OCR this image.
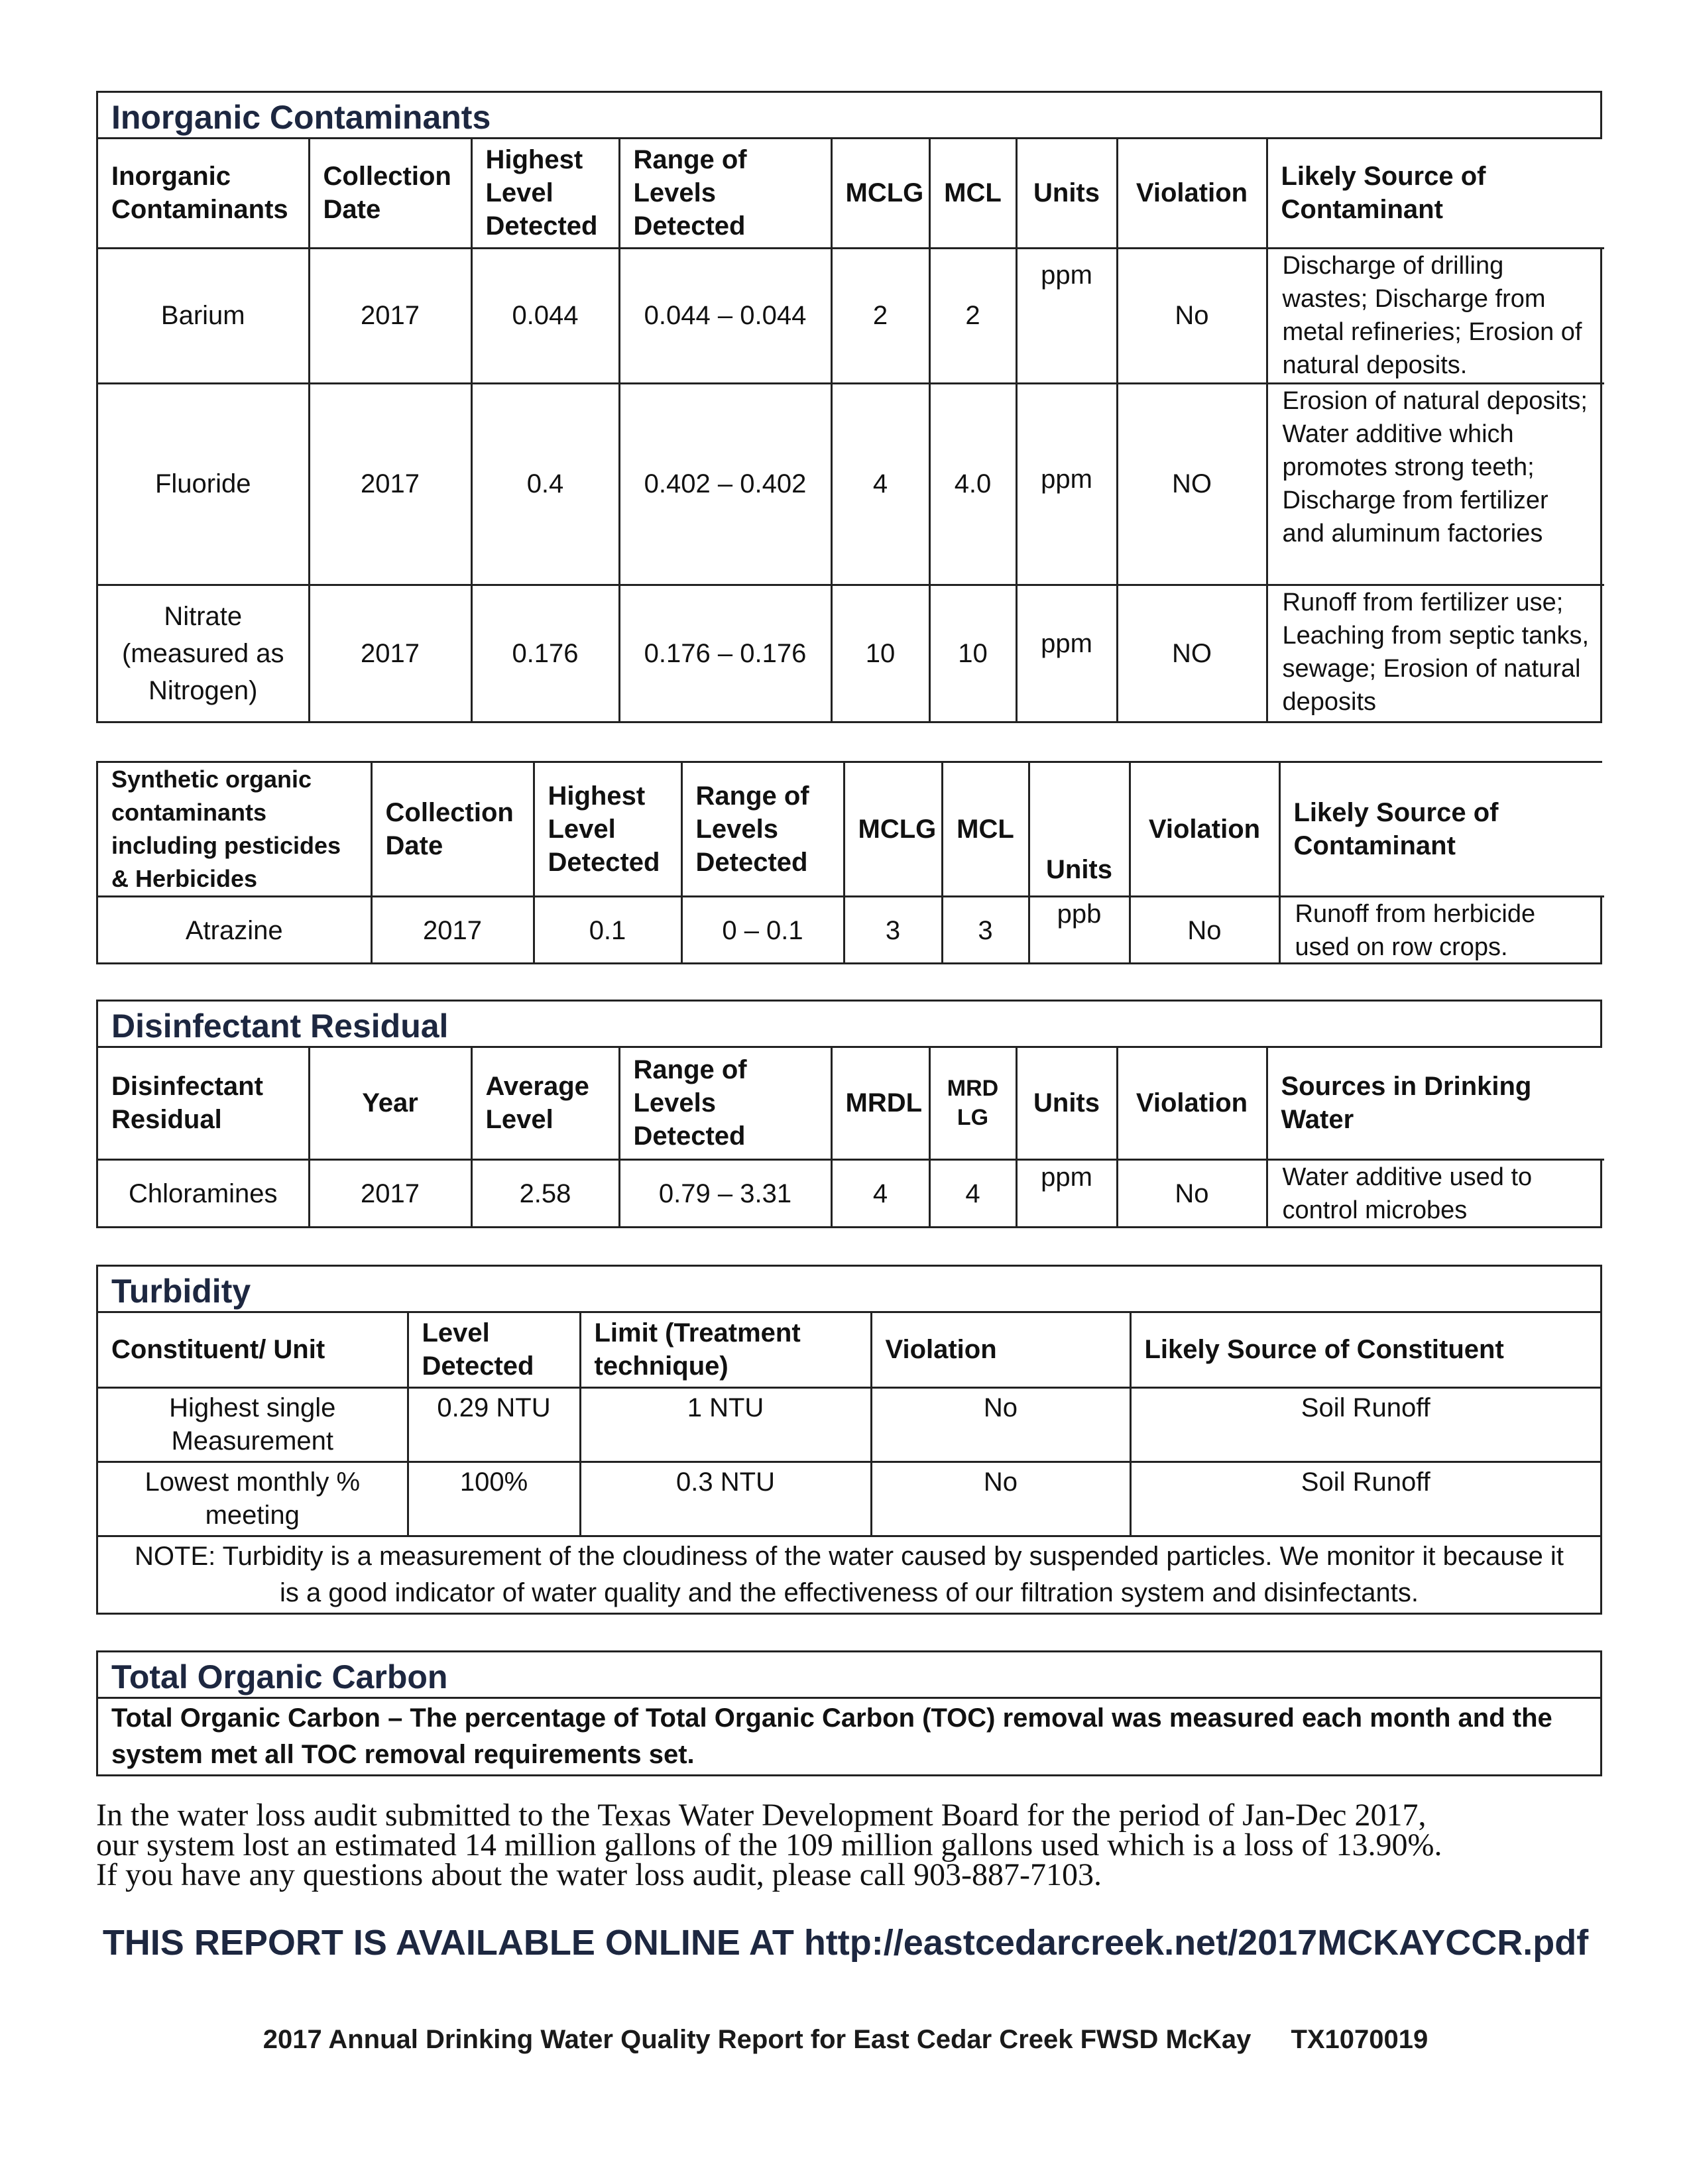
Inorganic Contaminants
Inorganic Contaminants	Collection Date	Highest Level Detected	Range of Levels Detected	MCLG	MCL	Units	Violation	Likely Source of Contaminant
Barium	2017	0.044	0.044 – 0.044	2	2	ppm	No	Discharge of drilling wastes; Discharge from metal refineries; Erosion of natural deposits.
Fluoride	2017	0.4	0.402 – 0.402	4	4.0	ppm	NO	Erosion of natural deposits; Water additive which promotes strong teeth; Discharge from fertilizer and aluminum factories
Nitrate (measured as Nitrogen)	2017	0.176	0.176 – 0.176	10	10	ppm	NO	Runoff from fertilizer use; Leaching from septic tanks, sewage; Erosion of natural deposits
Synthetic organic contaminants including pesticides & Herbicides	Collection Date	Highest Level Detected	Range of Levels Detected	MCLG	MCL	Units	Violation	Likely Source of Contaminant
Atrazine	2017	0.1	0 – 0.1	3	3	ppb	No	Runoff from herbicide used on row crops.
Disinfectant Residual
Disinfectant Residual	Year	Average Level	Range of Levels Detected	MRDL	MRD LG	Units	Violation	Sources in Drinking Water
Chloramines	2017	2.58	0.79 – 3.31	4	4	ppm	No	Water additive used to control microbes
Turbidity
Constituent/ Unit	Level Detected	Limit (Treatment technique)	Violation	Likely Source of Constituent
Highest single Measurement	0.29 NTU	1 NTU	No	Soil Runoff
Lowest monthly % meeting	100%	0.3 NTU	No	Soil Runoff
NOTE: Turbidity is a measurement of the cloudiness of the water caused by suspended particles. We monitor it because it is a good indicator of water quality and the effectiveness of our filtration system and disinfectants.				
Total Organic Carbon
Total Organic Carbon – The percentage of Total Organic Carbon (TOC) removal was measured each month and the system met all TOC removal requirements set.
In the water loss audit submitted to the Texas Water Development Board for the period of Jan-Dec 2017,
our system lost an estimated 14 million gallons of the 109 million gallons used which is a loss of 13.90%.
If you have any questions about the water loss audit, please call 903-887-7103.
THIS REPORT IS AVAILABLE ONLINE AT http://eastcedarcreek.net/2017MCKAYCCR.pdf
2017 Annual Drinking Water Quality Report for East Cedar Creek FWSD McKay TX1070019
